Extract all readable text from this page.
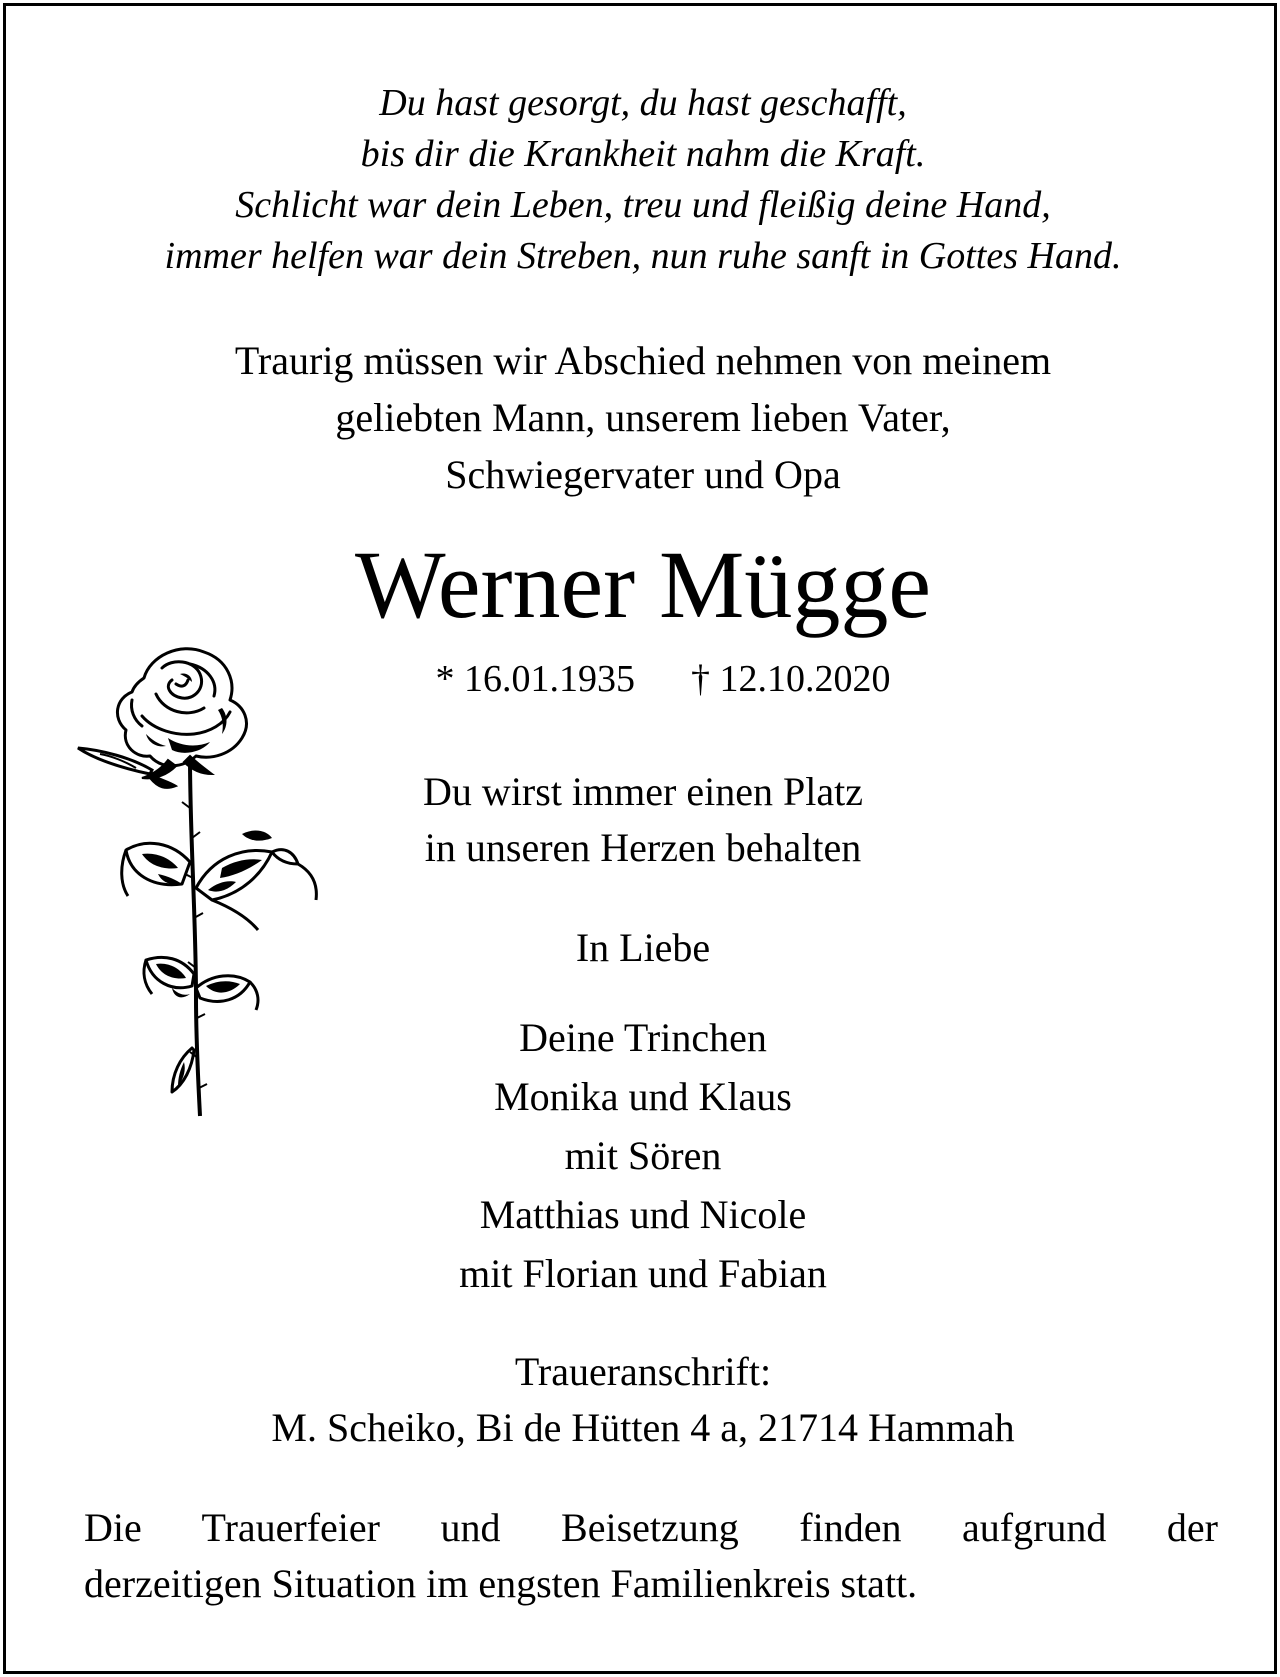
Du hast gesorgt, du hast geschafft,
bis dir die Krankheit nahm die Kraft.
Schlicht war dein Leben, treu und fleißig deine Hand,
immer helfen war dein Streben, nun ruhe sanft in Gottes Hand.
Traurig müssen wir Abschied nehmen von meinem
geliebten Mann, unserem lieben Vater,
Schwiegervater und Opa
Werner Mügge
* 16.01.1935 † 12.10.2020
Du wirst immer einen Platz
in unseren Herzen behalten
In Liebe
Deine Trinchen
Monika und Klaus
mit Sören
Matthias und Nicole
mit Florian und Fabian
Traueranschrift:
M. Scheiko, Bi de Hütten 4 a, 21714 Hammah
Die Trauerfeier und Beisetzung finden aufgrund der
derzeitigen Situation im engsten Familienkreis statt.
